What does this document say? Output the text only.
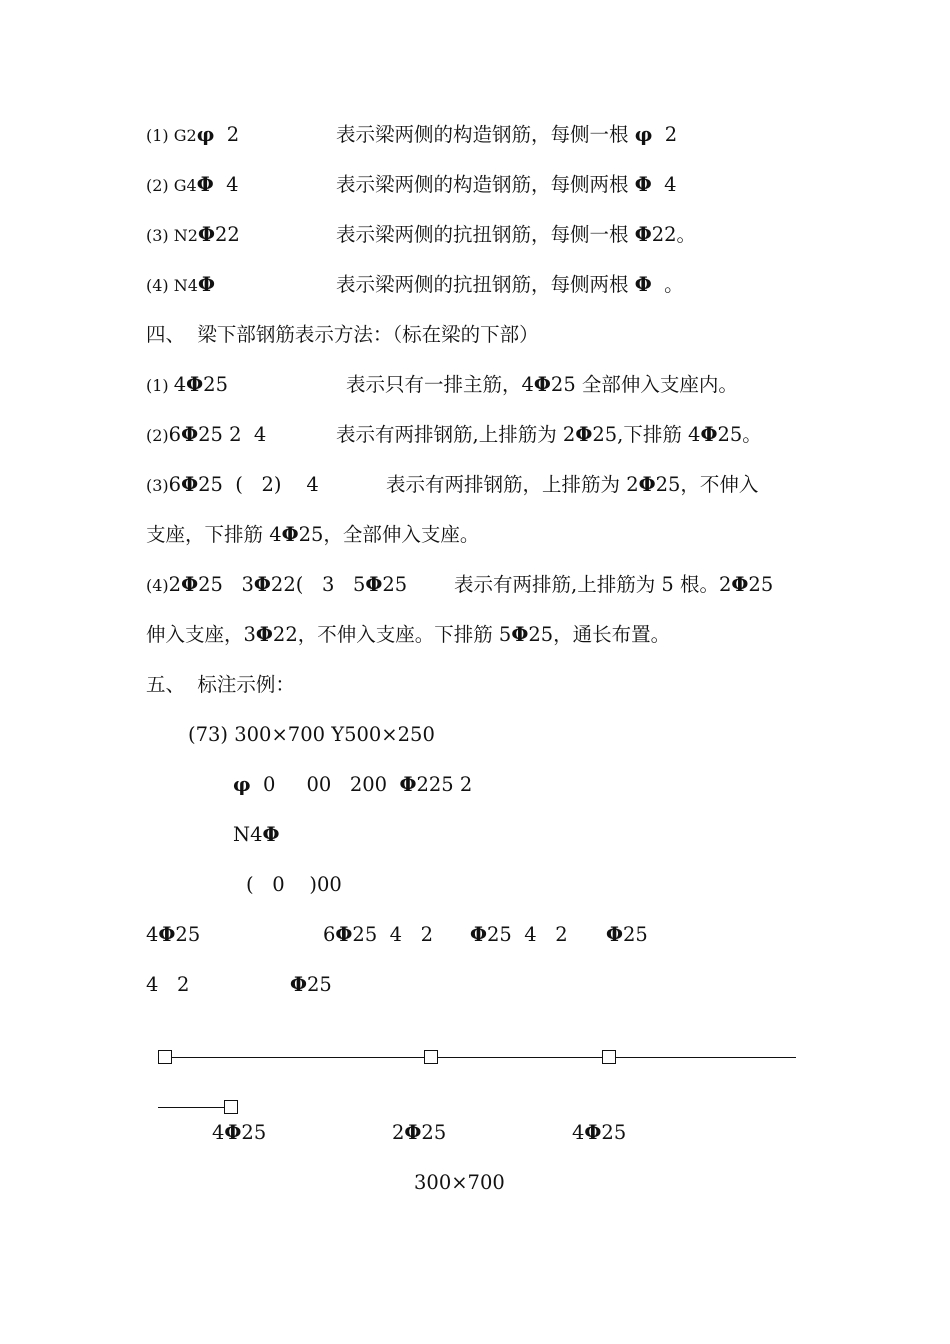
(1) G2φ  2	表示梁两侧的构造钢筋，每侧一根 φ  2
(2) G4Φ  4	表示梁两侧的构造钢筋，每侧两根 Φ  4
(3) N2Φ22	表示梁两侧的抗扭钢筋，每侧一根 Φ22。
(4) N4Φ	表示梁两侧的抗扭钢筋，每侧两根 Φ  。
四、  梁下部钢筋表示方法：（标在梁的下部）
(1) 4Φ25	表示只有一排主筋，4Φ25 全部伸入支座内。
(2)6Φ25 2  4	表示有两排钢筋,上排筋为 2Φ25,下排筋 4Φ25。
(3)6Φ25  (   2)    4	表示有两排钢筋，上排筋为 2Φ25，不伸入
支座，下排筋 4Φ25，全部伸入支座。
(4)2Φ25   3Φ22(   3   5Φ25 表示有两排筋,上排筋为 5 根。2Φ25
伸入支座，3Φ22，不伸入支座。下排筋 5Φ25，通长布置。
五、  标注示例：
(73) 300×700 Y500×250
φ  0     00   200  Φ225 2
N4Φ
(   0    )00
4Φ25	6Φ25  4   2 Φ25  4   2 Φ25
4   2	Φ25

4Φ25	2Φ25	4Φ25
300×700
